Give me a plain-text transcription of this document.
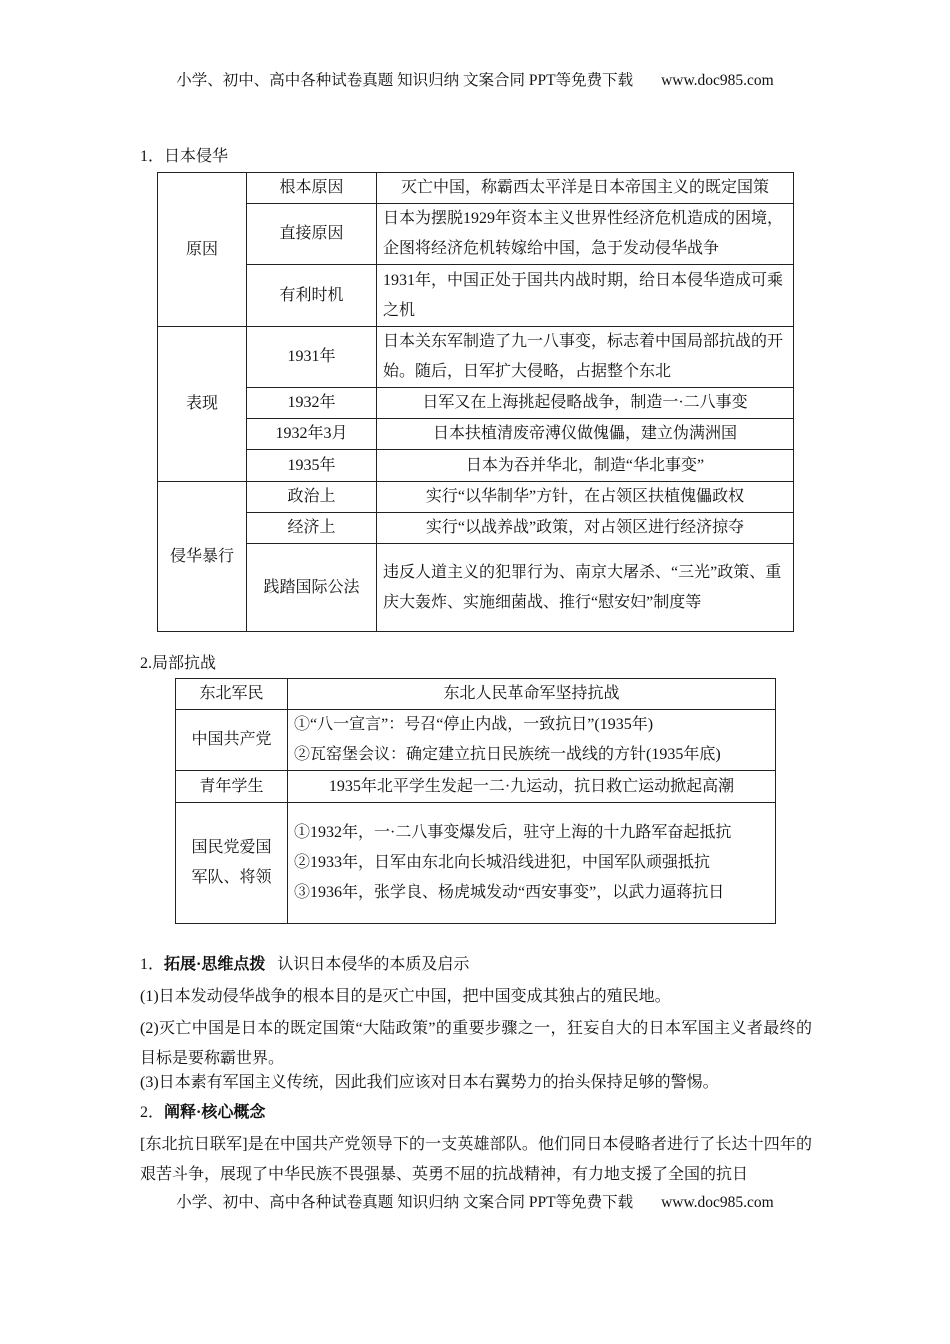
小学、初中、高中各种试卷真题 知识归纳 文案合同 PPT等免费下载 www.doc985.com
1．日本侵华
原因	根本原因	灭亡中国，称霸西太平洋是日本帝国主义的既定国策
	直接原因	日本为摆脱1929年资本主义世界性经济危机造成的困境，企图将经济危机转嫁给中国，急于发动侵华战争
	有利时机	1931年，中国正处于国共内战时期，给日本侵华造成可乘之机
表现	1931年	日本关东军制造了九一八事变，标志着中国局部抗战的开始。随后，日军扩大侵略，占据整个东北
	1932年	日军又在上海挑起侵略战争，制造一·二八事变
	1932年3月	日本扶植清废帝溥仪做傀儡，建立伪满洲国
	1935年	日本为吞并华北，制造“华北事变”
侵华暴行	政治上	实行“以华制华”方针，在占领区扶植傀儡政权
	经济上	实行“以战养战”政策，对占领区进行经济掠夺
	践踏国际公法	违反人道主义的犯罪行为、南京大屠杀、“三光”政策、重庆大轰炸、实施细菌战、推行“慰安妇”制度等
2.局部抗战
东北军民	东北人民革命军坚持抗战
中国共产党	①“八一宣言”：号召“停止内战，一致抗日”(1935年)
②瓦窑堡会议：确定建立抗日民族统一战线的方针(1935年底)

青年学生	1935年北平学生发起一二·九运动，抗日救亡运动掀起高潮
国民党爱国军队、将领	①1932年，一·二八事变爆发后，驻守上海的十九路军奋起抵抗
②1933年，日军由东北向长城沿线进犯，中国军队顽强抵抗
③1936年，张学良、杨虎城发动“西安事变”，以武力逼蒋抗日
1．拓展·思维点拨 认识日本侵华的本质及启示
(1)日本发动侵华战争的根本目的是灭亡中国，把中国变成其独占的殖民地。
(2)灭亡中国是日本的既定国策“大陆政策”的重要步骤之一，狂妄自大的日本军国主义者最终的目标是要称霸世界。
(3)日本素有军国主义传统，因此我们应该对日本右翼势力的抬头保持足够的警惕。
2．阐释·核心概念
[东北抗日联军]是在中国共产党领导下的一支英雄部队。他们同日本侵略者进行了长达十四年的艰苦斗争，展现了中华民族不畏强暴、英勇不屈的抗战精神，有力地支援了全国的抗日
小学、初中、高中各种试卷真题 知识归纳 文案合同 PPT等免费下载 www.doc985.com
